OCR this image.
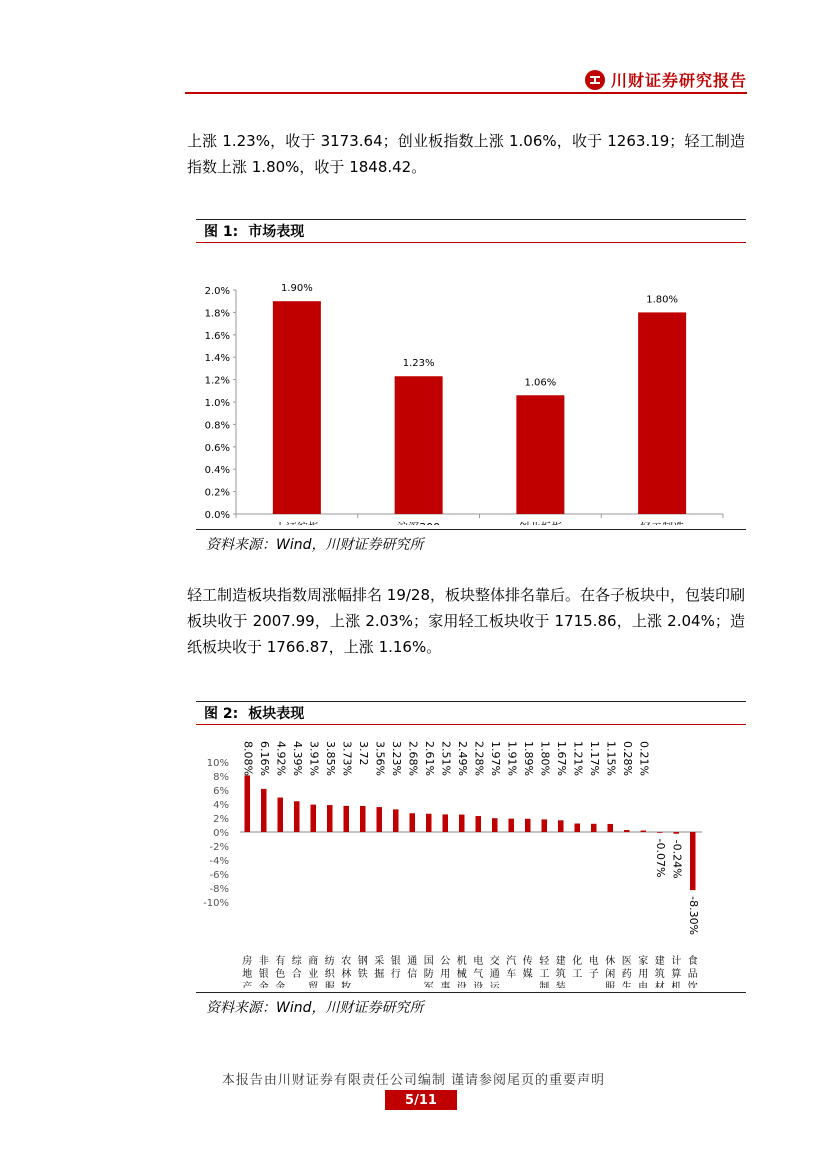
川财证券研究报告
上涨 1.23%，收于 3173.64；创业板指数上涨 1.06%，收于 1263.19；轻工制造指数上涨 1.80%，收于 1848.42。
图 1: 市场表现
0.0%
0.2%
0.4%
0.6%
0.8%
1.0%
1.2%
1.4%
1.6%
1.8%
2.0%	1.90%
1.23%
1.06%
1.80%
资料来源：Wind，川财证券研究所
轻工制造板块指数周涨幅排名 19/28，板块整体排名靠后。在各子板块中，包装印刷板块收于 2007.99，上涨 2.03%；家用轻工板块收于 1715.86，上涨 2.04%；造纸板块收于 1766.87，上涨 1.16%。
图 2: 板块表现
10%
8%
6%
4%
2%
0%
-2%
-4%
-6%
-8%
-10%
8.08%
房地产
6.16%
非银金
4.92%
有色金
4.39%
综合
3.91%
商业贸
3.85%
纺织服
3.73%
农林牧
3.72
钢铁
3.56%
采掘
3.23%
银行
2.68%
通信
2.61%
国防军
2.51%
公用事
2.49%
机械设
2.28%
电气设
1.97%
交通运
1.91%
汽车
1.89%
传媒
1.80%
轻工制
1.67%
建筑装
1.21%
化工
1.17%
电子
1.15%
休闲服
0.28%
医药生
0.21%
家用电
-0.07%
建筑材
-0.24%
计算机
-8.30%
食品饮
资料来源：Wind，川财证券研究所
本报告由川财证券有限责任公司编制 谨请参阅尾页的重要声明
5/11
